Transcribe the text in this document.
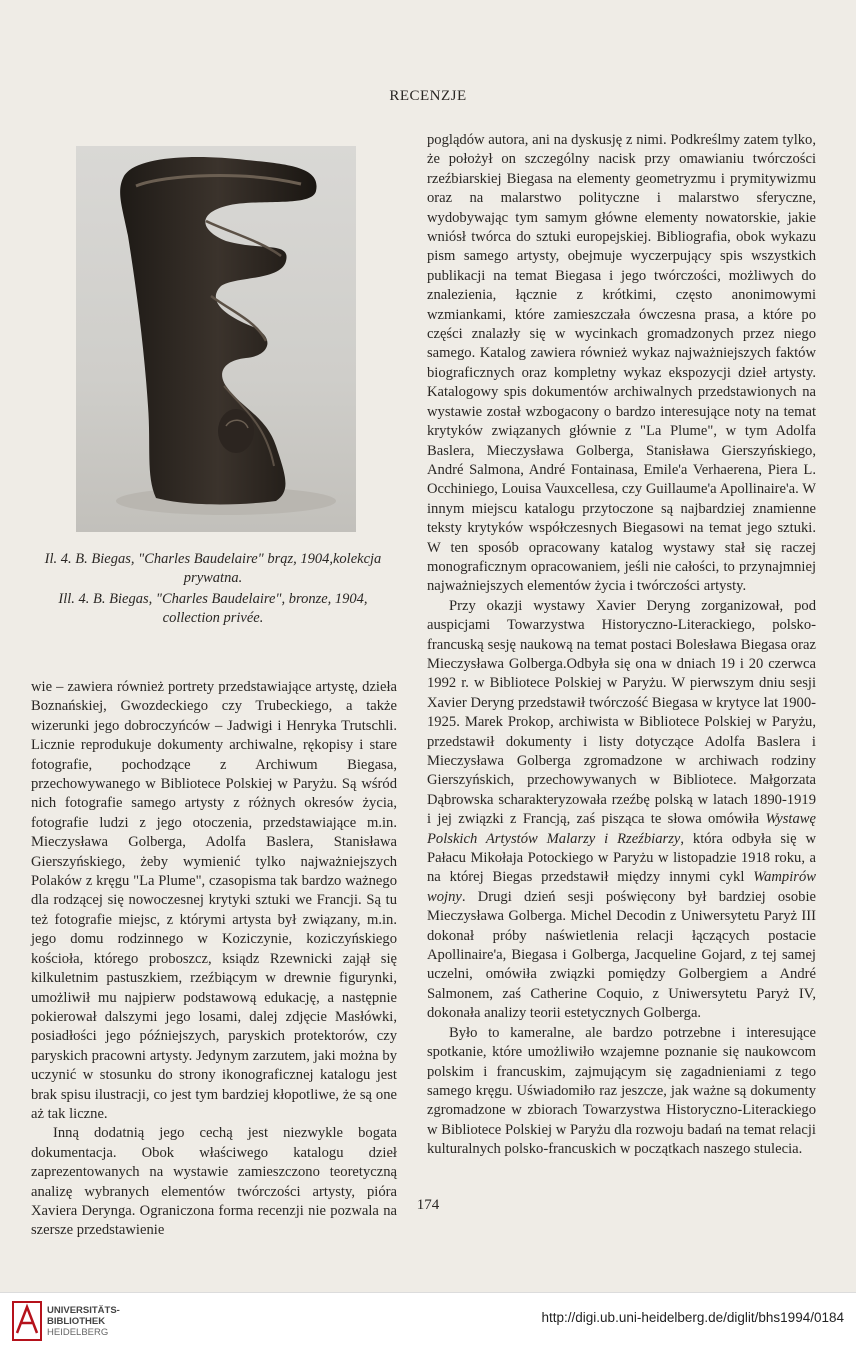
RECENZJE

Il. 4. B. Biegas, "Charles Baudelaire" brąz, 1904,kolekcja prywatna.

Ill. 4. B. Biegas, "Charles Baudelaire", bronze, 1904, collection privée.

wie – zawiera również portrety przedstawiające artystę, dzieła Boznańskiej, Gwozdeckiego czy Trubeckiego, a także wizerunki jego dobroczyńców – Jadwigi i Henryka Trutschli. Licznie reprodukuje dokumenty archiwalne, rękopisy i stare fotografie, pochodzące z Archiwum Biegasa, przechowywanego w Bibliotece Polskiej w Paryżu. Są wśród nich fotografie samego artysty z różnych okresów życia, fotografie ludzi z jego otoczenia, przedstawiające m.in. Mieczysława Golberga, Adolfa Baslera, Stanisława Gierszyńskiego, żeby wymienić tylko najważniejszych Polaków z kręgu "La Plume", czasopisma tak bardzo ważnego dla rodzącej się nowoczesnej krytyki sztuki we Francji. Są tu też fotografie miejsc, z którymi artysta był związany, m.in. jego domu rodzinnego w Koziczynie, koziczyńskiego kościoła, którego proboszcz, ksiądz Rzewnicki zajął się kilkuletnim pastuszkiem, rzeźbiącym w drewnie figurynki, umożliwił mu najpierw podstawową edukację, a następnie pokierował dalszymi jego losami, dalej zdjęcie Masłówki, posiadłości jego późniejszych, paryskich protektorów, czy paryskich pracowni artysty. Jedynym zarzutem, jaki można by uczynić w stosunku do strony ikonograficznej katalogu jest brak spisu ilustracji, co jest tym bardziej kłopotliwe, że są one aż tak liczne.

Inną dodatnią jego cechą jest niezwykle bogata dokumentacja. Obok właściwego katalogu dzieł zaprezentowanych na wystawie zamieszczono teoretyczną analizę wybranych elementów twórczości artysty, pióra Xaviera Derynga. Ograniczona forma recenzji nie pozwala na szersze przedstawienie

poglądów autora, ani na dyskusję z nimi. Podkreślmy zatem tylko, że położył on szczególny nacisk przy omawianiu twórczości rzeźbiarskiej Biegasa na elementy geometryzmu i prymitywizmu oraz na malarstwo polityczne i malarstwo sferyczne, wydobywając tym samym główne elementy nowatorskie, jakie wniósł twórca do sztuki europejskiej. Bibliografia, obok wykazu pism samego artysty, obejmuje wyczerpujący spis wszystkich publikacji na temat Biegasa i jego twórczości, możliwych do znalezienia, łącznie z krótkimi, często anonimowymi wzmiankami, które zamieszczała ówczesna prasa, a które po części znalazły się w wycinkach gromadzonych przez niego samego. Katalog zawiera również wykaz najważniejszych faktów biograficznych oraz kompletny wykaz ekspozycji dzieł artysty. Katalogowy spis dokumentów archiwalnych przedstawionych na wystawie został wzbogacony o bardzo interesujące noty na temat krytyków związanych głównie z "La Plume", w tym Adolfa Baslera, Mieczysława Golberga, Stanisława Gierszyńskiego, André Salmona, André Fontainasa, Emile'a Verhaerena, Piera L. Occhiniego, Louisa Vauxcellesa, czy Guillaume'a Apollinaire'a. W innym miejscu katalogu przytoczone są najbardziej znamienne teksty krytyków współczesnych Biegasowi na temat jego sztuki. W ten sposób opracowany katalog wystawy stał się raczej monograficznym opracowaniem, jeśli nie całości, to przynajmniej najważniejszych elementów życia i twórczości artysty.

Przy okazji wystawy Xavier Deryng zorganizował, pod auspicjami Towarzystwa Historyczno-Literackiego, polsko-francuską sesję naukową na temat postaci Bolesława Biegasa oraz Mieczysława Golberga.Odbyła się ona w dniach 19 i 20 czerwca 1992 r. w Bibliotece Polskiej w Paryżu. W pierwszym dniu sesji Xavier Deryng przedstawił twórczość Biegasa w krytyce lat 1900-1925. Marek Prokop, archiwista w Bibliotece Polskiej w Paryżu, przedstawił dokumenty i listy dotyczące Adolfa Baslera i Mieczysława Golberga zgromadzone w archiwach rodziny Gierszyńskich, przechowywanych w Bibliotece. Małgorzata Dąbrowska scharakteryzowała rzeźbę polską w latach 1890-1919 i jej związki z Francją, zaś pisząca te słowa omówiła Wystawę Polskich Artystów Malarzy i Rzeźbiarzy, która odbyła się w Pałacu Mikołaja Potockiego w Paryżu w listopadzie 1918 roku, a na której Biegas przedstawił między innymi cykl Wampirów wojny. Drugi dzień sesji poświęcony był bardziej osobie Mieczysława Golberga. Michel Decodin z Uniwersytetu Paryż III dokonał próby naświetlenia relacji łączących postacie Apollinaire'a, Biegasa i Golberga, Jacqueline Gojard, z tej samej uczelni, omówiła związki pomiędzy Golbergiem a André Salmonem, zaś Catherine Coquio, z Uniwersytetu Paryż IV, dokonała analizy teorii estetycznych Golberga.

Było to kameralne, ale bardzo potrzebne i interesujące spotkanie, które umożliwiło wzajemne poznanie się naukowcom polskim i francuskim, zajmującym się zagadnieniami z tego samego kręgu. Uświadomiło raz jeszcze, jak ważne są dokumenty zgromadzone w zbiorach Towarzystwa Historyczno-Literackiego w Bibliotece Polskiej w Paryżu dla rozwoju badań na temat relacji kulturalnych polsko-francuskich w początkach naszego stulecia.

174
UNIVERSITÄTS-
BIBLIOTHEK
HEIDELBERG
http://digi.ub.uni-heidelberg.de/diglit/bhs1994/0184
